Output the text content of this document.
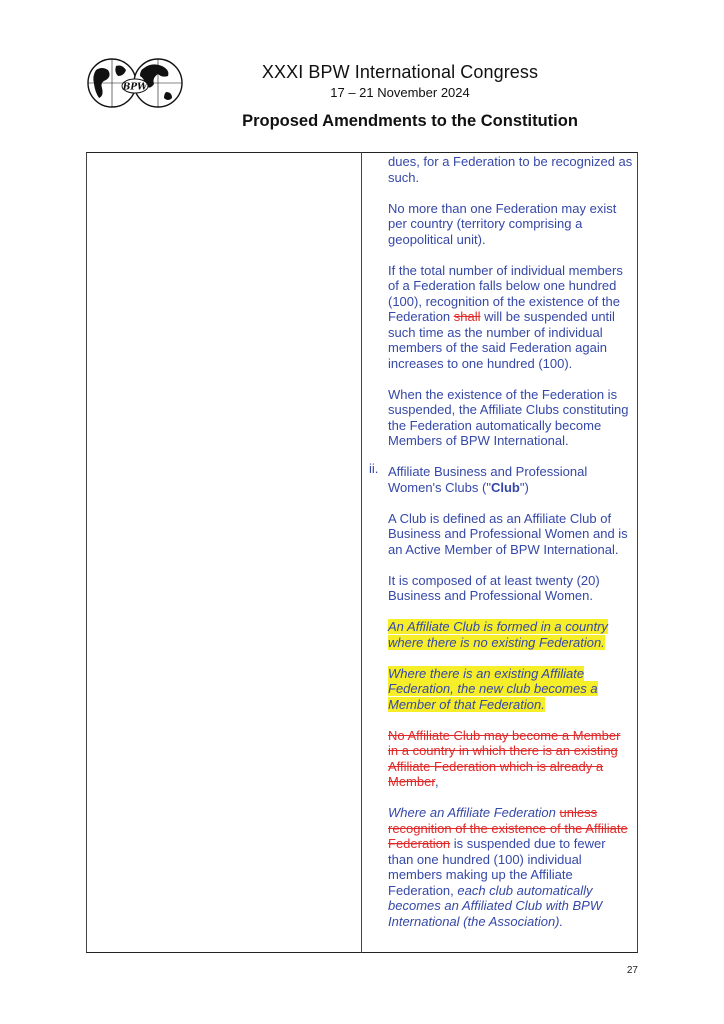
BPW
XXXI BPW International Congress
17 – 21 November 2024
Proposed Amendments to the Constitution
ii.

dues, for a Federation to be recognized as such.

No more than one Federation may exist per country (territory comprising a geopolitical unit).

If the total number of individual members of a Federation falls below one hundred (100), recognition of the existence of the Federation shall will be suspended until such time as the number of individual members of the said Federation again increases to one hundred (100).

When the existence of the Federation is suspended, the Affiliate Clubs constituting the Federation automatically become Members of BPW International.

Affiliate Business and Professional Women's Clubs ("Club")

A Club is defined as an Affiliate Club of Business and Professional Women and is an Active Member of BPW International.

It is composed of at least twenty (20) Business and Professional Women.

An Affiliate Club is formed in a country where there is no existing Federation.

Where there is an existing Affiliate Federation, the new club becomes a Member of that Federation.

No Affiliate Club may become a Member in a country in which there is an existing Affiliate Federation which is already a Member,

Where an Affiliate Federation unless recognition of the existence of the Affiliate Federation is suspended due to fewer than one hundred (100) individual members making up the Affiliate Federation, each club automatically becomes an Affiliated Club with BPW International (the Association).

27
